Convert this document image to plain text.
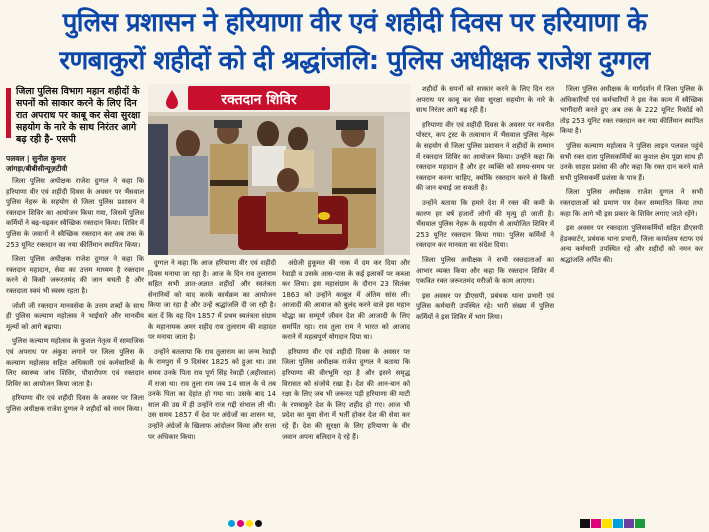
पुलिस प्रशासन ने हरियाणा वीर एवं शहीदी दिवस पर हरियाणा के
रणबाकुरों शहीदों को दी श्रद्धांजलि: पुलिस अधीक्षक राजेश दुग्गल
जिला पुलिस विभाग महान शहीदों के सपनों को साकार करने के लिए दिन रात अपराध पर काबू कर सेवा सुरक्षा सहयोग के नारे के साथ निरंतर आगे बढ़ रही है- एसपी
पलवल | सुनील कुमार
जांगड़ा/बीबीसीन्यूज़टीवी

जिला पुलिस अधीक्षक राजेश दुग्गल ने कहा कि हरियाणा वीर एवं शहीदी दिवस के अवसर पर भैंसवाल पुलिस नेहरू के सहयोग से जिला पुलिस प्रशासन ने रक्तदान शिविर का आयोजन किया गया, जिसमें पुलिस कर्मियों ने बढ़-चढ़कर स्वैच्छिक रक्तदान किया। शिविर में पुलिस के जवानों ने स्वैच्छिक रक्तदान कर अब तक के 253 यूनिट रक्तदान का नया कीर्तिमान स्थापित किया।

जिला पुलिस अधीक्षक राजेश दुग्गल ने कहा कि रक्तदान महादान, सेवा का उत्तम माध्यम है रक्तदान करने से किसी जरूरतमंद की जान बचती है और रक्तदाता स्वयं भी स्वस्थ रहता है।

जोशी जी रक्तदान मानवसेवा के उत्तम शब्दों के साथ ही पुलिस कल्याण महोत्सव ने भाईचारे और मानवीय मूल्यों को आगे बढ़ाया।

पुलिस कल्याण महोत्सव के कुशल नेतृत्व में सामाजिक एवं अपराध पर अंकुश लगाने पर जिला पुलिस के कल्याण महोत्सव सहित अधिकारी एवं कर्मचारियों के लिए स्वास्थ्य जांच शिविर, पौधारोपण एवं रक्तदान शिविर का आयोजन किया जाता है।

हरियाणा वीर एवं शहीदी दिवस के अवसर पर जिला पुलिस अधीक्षक राजेश दुग्गल ने शहीदों को नमन किया।

रक्तदान शिविर

दुग्गल ने कहा कि आज हरियाणा वीर एवं शहीदी दिवस मनाया जा रहा है। आज के दिन राव तुलाराम सहित सभी ज्ञात-अज्ञात शहीदों और स्वतंत्रता सेनानियों को याद करके कार्यक्रम का आयोजन किया जा रहा है और उन्हें श्रद्धांजलि दी जा रही है। बता दें कि वह दिन 1857 में प्रथम स्वतंत्रता संग्राम के महानायक अमर शहीद राव तुलाराम की शहादत पर मनाया जाता है।

उन्होंने बतलाया कि राव तुलाराम का जन्म रेवाड़ी के रामपुरा में 9 दिसंबर 1825 को हुआ था। उस समय उनके पिता राव पूर्ण सिंह रेवाड़ी (अहीरवाल) में राजा था। राव तुला राम जब 14 साल के थे तब उनके पिता का देहांत हो गया था। उसके बाद 14 साल की उम्र में ही उन्होंने राज गद्दी संभाल ली थी। उस समय 1857 में देश पर अंग्रेजों का शासन था, उन्होंने अंग्रेजों के खिलाफ आंदोलन किया और सत्ता पर अधिकार किया।

अंग्रेजी हुकूमत की नाक में दम कर दिया और रेवाड़ी व उसके आस-पास के कई इलाकों पर कब्जा कर लिया। इस महासंग्राम के दौरान 23 सितंबर 1863 को उन्होंने काबुल में अंतिम सांस ली। आजादी की आवाज को बुलंद करने वाले इस महान योद्धा का सम्पूर्ण जीवन देश की आजादी के लिए समर्पित रहा। राव तुला राम ने भारत को आजाद कराने में महत्वपूर्ण योगदान दिया था।

हरियाणा वीर एवं शहीदी दिवस के अवसर पर जिला पुलिस अधीक्षक राजेश दुग्गल ने बताया कि हरियाणा की वीरभूमि रहा है और इसने समृद्ध विरासत को संजोये रखा है। देश की आन-बान को रक्षा के लिए जब भी जरूरत पड़ी हरियाणा की माटी के रणबाकुरे देश के लिए शहीद हो गए। आज भी प्रदेश का युवा सेना में भर्ती होकर देश की सेवा कर रहे हैं। देश की सुरक्षा के लिए हरियाणा के वीर जवान अपना बलिदान दे रहे हैं।

शहीदों के सपनों को साकार करने के लिए दिन रात अपराध पर काबू कर सेवा सुरक्षा सहयोग के नारे के साथ निरंतर आगे बढ़ रही है।

हरियाणा वीर एवं शहीदी दिवस के अवसर पर नवनीत पोस्टर, कप ट्रस्ट के तत्वाधान में भैंसवाल पुलिस नेहरू के सहयोग से जिला पुलिस प्रशासन ने शहीदों के सम्मान में रक्तदान शिविर का आयोजन किया। उन्होंने कहा कि रक्तदान महादान है और हर व्यक्ति को समय-समय पर रक्तदान करना चाहिए, क्योंकि रक्तदान करने से किसी की जान बचाई जा सकती है।

उन्होंने बताया कि हमारे देश में रक्त की कमी के कारण हर वर्ष हजारों लोगों की मृत्यु हो जाती है। भैंसवाल पुलिस नेहरू के सहयोग से आयोजित शिविर में 253 यूनिट रक्तदान किया गया। पुलिस कर्मियों ने रक्तदान कर मानवता का संदेश दिया।

जिला पुलिस अधीक्षक ने सभी रक्तदाताओं का आभार व्यक्त किया और कहा कि रक्तदान शिविर में एकत्रित रक्त जरूरतमंद मरीजों के काम आएगा।

इस अवसर पर डीएसपी, प्रबंधक थाना प्रभारी एवं पुलिस कर्मचारी उपस्थित रहे। भारी संख्या में पुलिस कर्मियों ने इस शिविर में भाग लिया।

जिला पुलिस अधीक्षक के मार्गदर्शन में जिला पुलिस के अधिकारियों एवं कर्मचारियों ने इस नेक काम में स्वैच्छिक भागीदारी करते हुए अब तक के 222 यूनिट रिकॉर्ड को तोड़ 253 यूनिट रक्त रक्तदान कर नया कीर्तिमान स्थापित किया है।

पुलिस कल्याण महोत्सव ने पुलिस लाइन पलवल पहुंचे सभी रक्त दाता पुलिसकर्मियों का कुशल क्षेम पूछा साथ ही उनके साहस प्रशंसा की और कहा कि रक्त दान करने वाले सभी पुलिसकर्मी प्रशंसा के पात्र हैं।

जिला पुलिस अधीक्षक राजेश दुग्गल ने सभी रक्तदाताओं को प्रमाण पत्र देकर सम्मानित किया तथा कहा कि आगे भी इस प्रकार के शिविर लगाए जाते रहेंगे।

इस अवसर पर रक्तदाता पुलिसकर्मियों सहित डीएसपी हेडक्वार्टर, प्रबंधक थाना प्रभारी, जिला कार्यालय स्टाफ एवं अन्य कर्मचारी उपस्थित रहे और शहीदों को नमन कर श्रद्धांजलि अर्पित की।
